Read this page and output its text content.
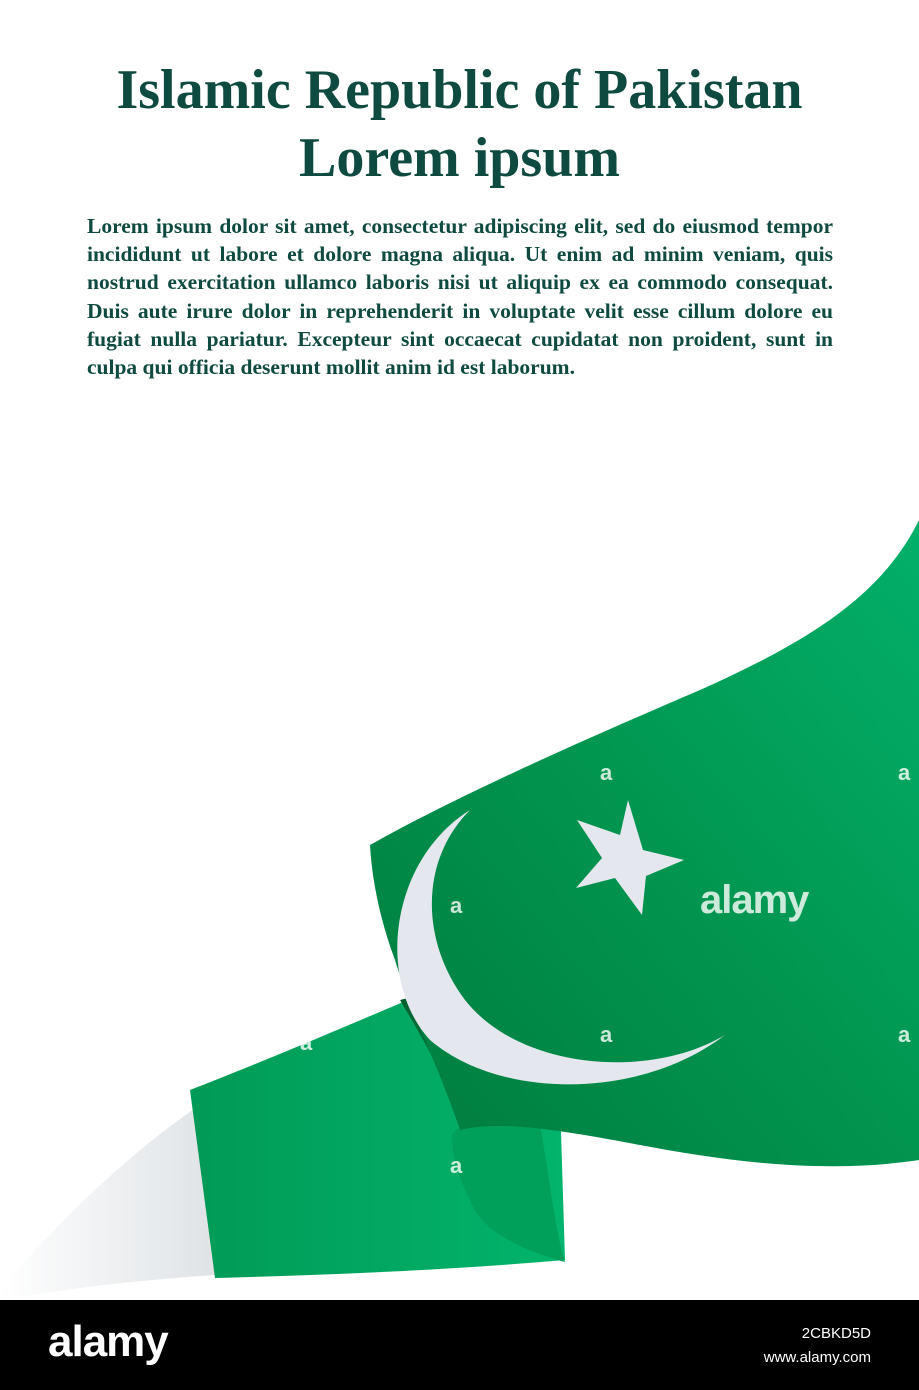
Islamic Republic of Pakistan
Lorem ipsum

Lorem ipsum dolor sit amet, consectetur adipiscing elit, sed do eiusmod tempor incididunt ut labore et dolore magna aliqua. Ut enim ad minim veniam, quis nostrud exercitation ullamco laboris nisi ut aliquip ex ea commodo consequat. Duis aute irure dolor in reprehenderit in voluptate velit esse cillum dolore eu fugiat nulla pariatur. Excepteur sint occaecat cupidatat non proident, sunt in culpa qui officia deserunt mollit anim id est laborum.

alamy
a	a
a
a	a
a
a
alamy	2CBKD5D
www.alamy.com
